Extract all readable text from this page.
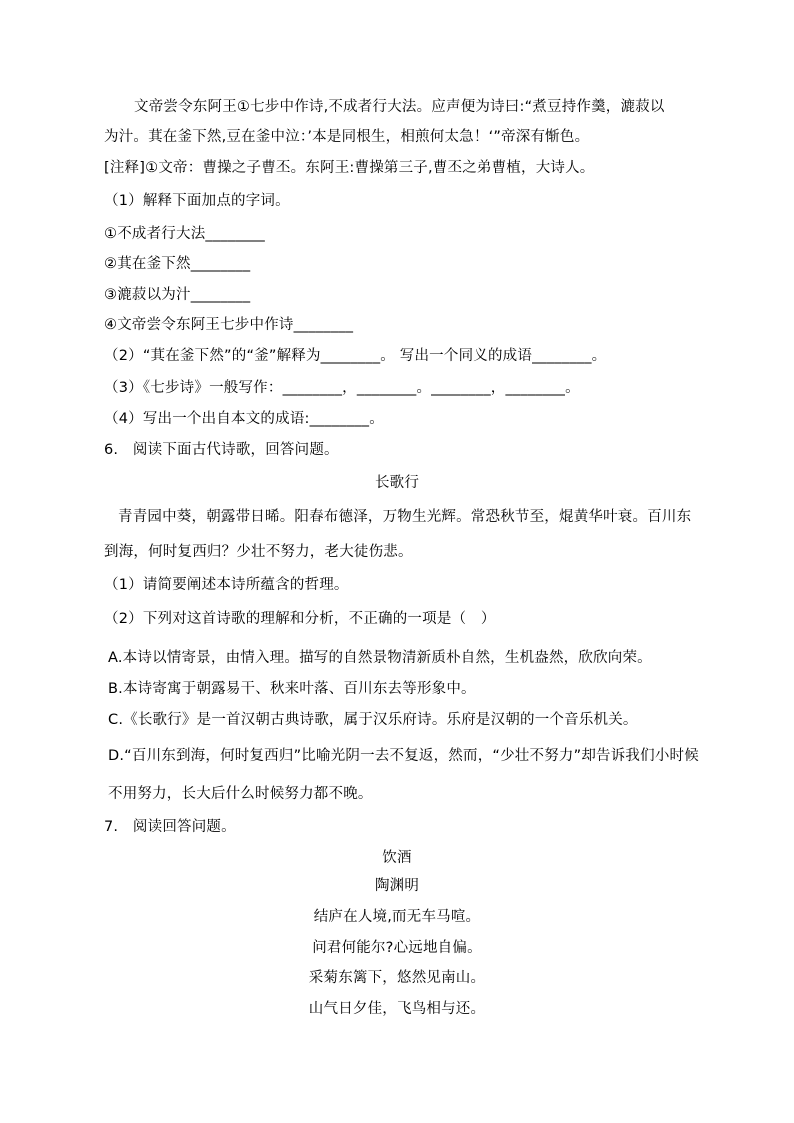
文帝尝令东阿王①七步中作诗,不成者行大法。应声便为诗曰:“煮豆持作羹，漉菽以
为汁。萁在釜下然,豆在釜中泣：’本是同根生，相煎何太急！‘”帝深有惭色。
[注释]①文帝：曹操之子曹丕。东阿王:曹操第三子,曹丕之弟曹植，大诗人。
（1）解释下面加点的字词。
①不成者行大法________
②萁在釜下然________
③漉菽以为汁________
④文帝尝令东阿王七步中作诗________
（2）“萁在釜下然”的“釜”解释为________。 写出一个同义的成语________。
（3）《七步诗》一般写作：________，________。________，________。
（4）写出一个出自本文的成语:________。
6.　阅读下面古代诗歌，回答问题。
长歌行
青青园中葵，朝露带日晞。阳春布德泽，万物生光辉。常恐秋节至，焜黄华叶衰。百川东
到海，何时复西归？少壮不努力，老大徒伤悲。
（1）请简要阐述本诗所蕴含的哲理。
（2）下列对这首诗歌的理解和分析，不正确的一项是（　）
A.本诗以情寄景，由情入理。描写的自然景物清新质朴自然，生机盎然，欣欣向荣。
B.本诗寄寓于朝露易干、秋来叶落、百川东去等形象中。
C.《长歌行》是一首汉朝古典诗歌，属于汉乐府诗。乐府是汉朝的一个音乐机关。
D.“百川东到海，何时复西归”比喻光阴一去不复返，然而，“少壮不努力”却告诉我们小时候
不用努力，长大后什么时候努力都不晚。
7.　阅读回答问题。
饮酒
陶渊明
结庐在人境,而无车马喧。
问君何能尔?心远地自偏。
采菊东篱下，悠然见南山。
山气日夕佳，飞鸟相与还。
